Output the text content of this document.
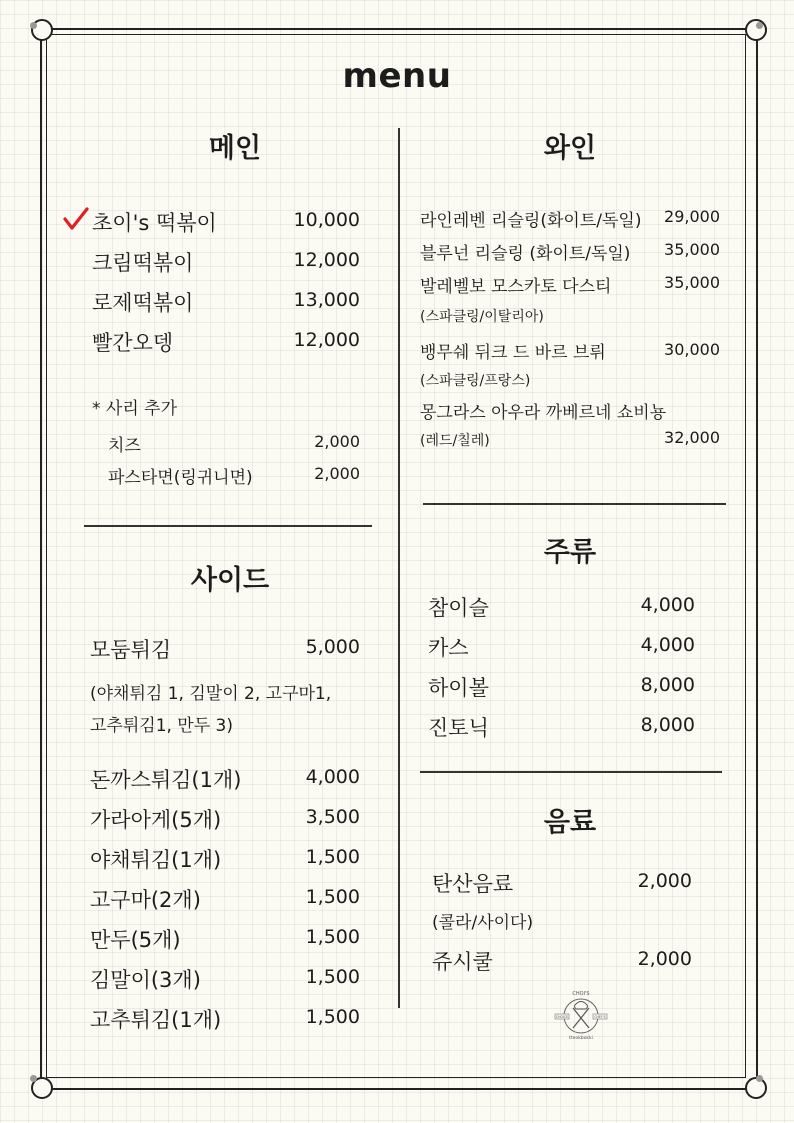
menu
메인
초이's 떡볶이	10,000
크림떡볶이	12,000
로제떡볶이	13,000
빨간오뎅	12,000
* 사리 추가
치즈	2,000
파스타면(링귀니면)	2,000
사이드
모둠튀김	5,000
(야채튀김 1, 김말이 2, 고구마1,
고추튀김1, 만두 3)
돈까스튀김(1개)	4,000
가라아게(5개)	3,500
야채튀김(1개)	1,500
고구마(2개)	1,500
만두(5개)	1,500
김말이(3개)	1,500
고추튀김(1개)	1,500
와인
라인레벤 리슬링(화이트/독일)	29,000
블루넌 리슬링 (화이트/독일)	35,000
발레벨보 모스카토 다스티	35,000
(스파클링/이탈리아)
뱅무쉐 뒤크 드 바르 브뤼	30,000
(스파클링/프랑스)
몽그라스 아우라 까베르네 쇼비뇽
(레드/칠레)	32,000
주류
참이슬	4,000
카스	4,000
하이볼	8,000
진토닉	8,000
음료
탄산음료	2,000
(콜라/사이다)
쥬시쿨	2,000
CHOI'S
CHOICE	CHEF'S
tteokbokki
